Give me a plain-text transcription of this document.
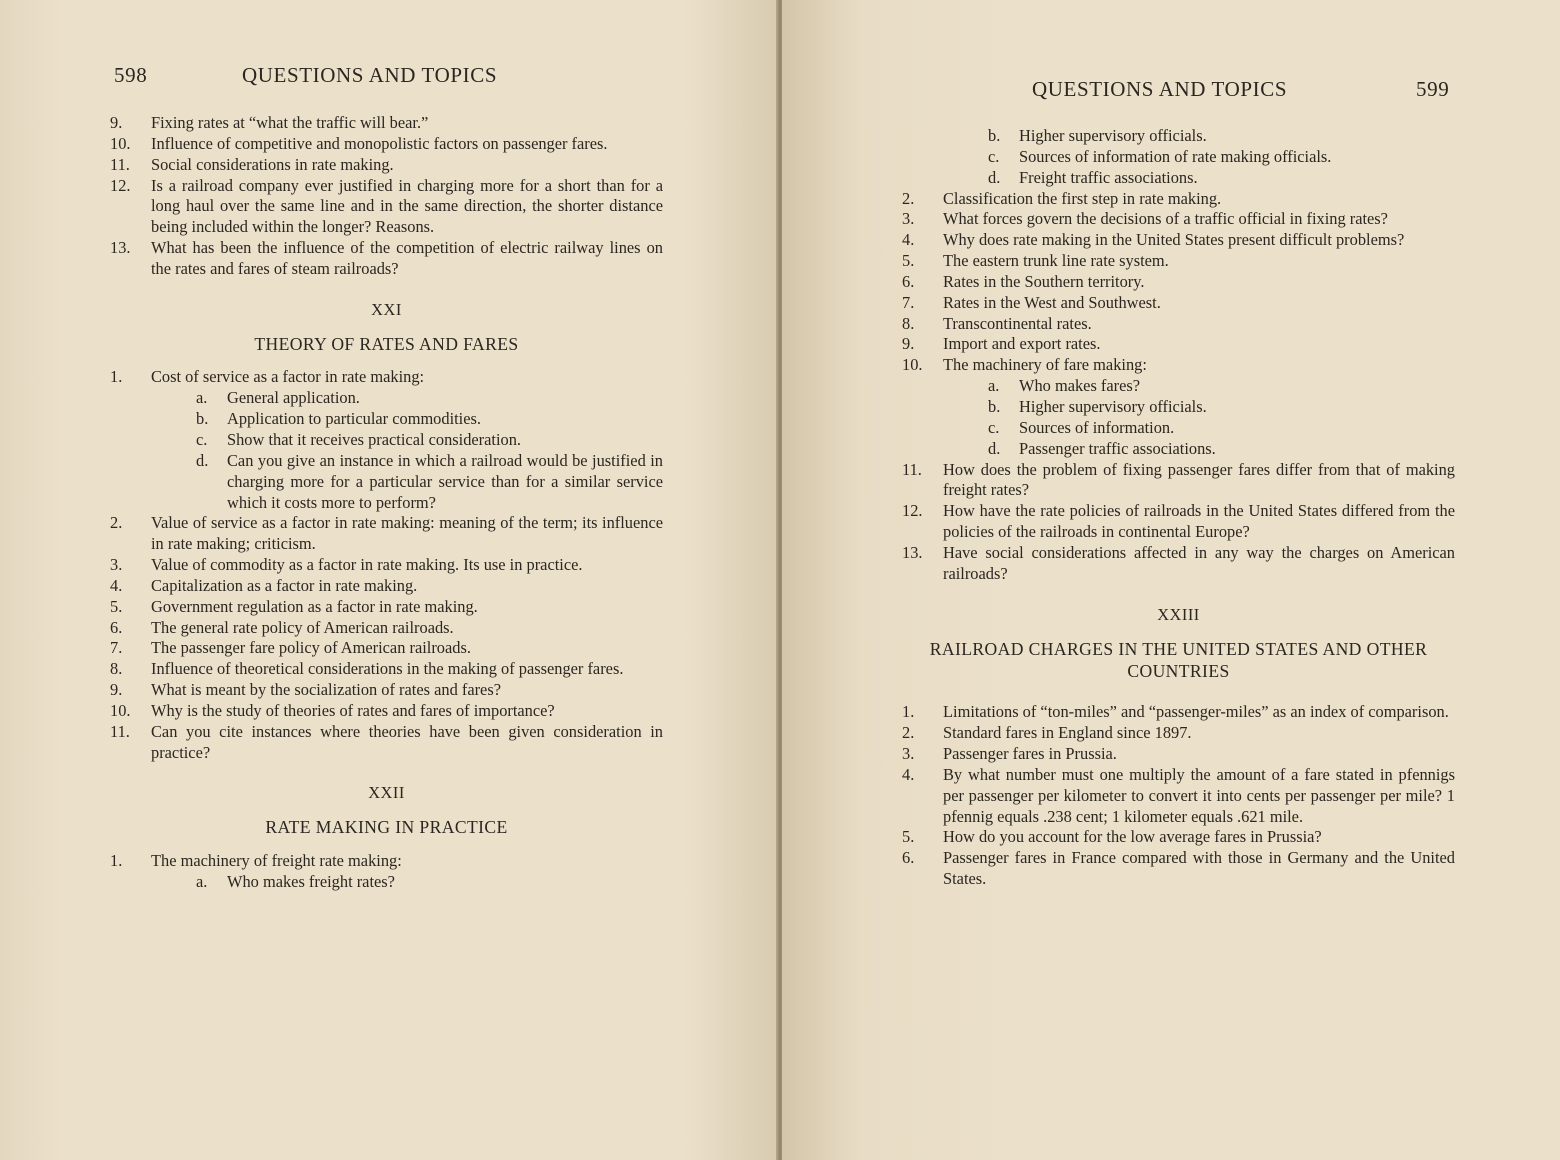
598	QUESTIONS AND TOPICS
9.	Fixing rates at “what the traffic will bear.”
10.	Influence of competitive and monopolistic factors on passenger fares.
11.	Social considerations in rate making.
12.	Is a railroad company ever justified in charging more for a short than for a long haul over the same line and in the same direction, the shorter distance being included within the longer? Reasons.
13.	What has been the influence of the competition of electric railway lines on the rates and fares of steam railroads?
XXI
THEORY OF RATES AND FARES
1.	Cost of service as a factor in rate making:
a.	General application.
b.	Application to particular commodities.
c.	Show that it receives practical consideration.
d.	Can you give an instance in which a railroad would be justified in charging more for a particular service than for a similar service which it costs more to perform?
2.	Value of service as a factor in rate making: meaning of the term; its influence in rate making; criticism.
3.	Value of commodity as a factor in rate making. Its use in practice.
4.	Capitalization as a factor in rate making.
5.	Government regulation as a factor in rate making.
6.	The general rate policy of American railroads.
7.	The passenger fare policy of American railroads.
8.	Influence of theoretical considerations in the making of passenger fares.
9.	What is meant by the socialization of rates and fares?
10.	Why is the study of theories of rates and fares of importance?
11.	Can you cite instances where theories have been given consideration in practice?
XXII
RATE MAKING IN PRACTICE
1.	The machinery of freight rate making:
a.	Who makes freight rates?
QUESTIONS AND TOPICS	599
b.	Higher supervisory officials.
c.	Sources of information of rate making officials.
d.	Freight traffic associations.
2.	Classification the first step in rate making.
3.	What forces govern the decisions of a traffic official in fixing rates?
4.	Why does rate making in the United States present difficult problems?
5.	The eastern trunk line rate system.
6.	Rates in the Southern territory.
7.	Rates in the West and Southwest.
8.	Transcontinental rates.
9.	Import and export rates.
10.	The machinery of fare making:
a.	Who makes fares?
b.	Higher supervisory officials.
c.	Sources of information.
d.	Passenger traffic associations.
11.	How does the problem of fixing passenger fares differ from that of making freight rates?
12.	How have the rate policies of railroads in the United States differed from the policies of the railroads in continental Europe?
13.	Have social considerations affected in any way the charges on American railroads?
XXIII
RAILROAD CHARGES IN THE UNITED STATES AND OTHER COUNTRIES
1.	Limitations of “ton-miles” and “passenger-miles” as an index of comparison.
2.	Standard fares in England since 1897.
3.	Passenger fares in Prussia.
4.	By what number must one multiply the amount of a fare stated in pfennigs per passenger per kilometer to convert it into cents per passenger per mile? 1 pfennig equals .238 cent; 1 kilometer equals .621 mile.
5.	How do you account for the low average fares in Prussia?
6.	Passenger fares in France compared with those in Germany and the United States.
